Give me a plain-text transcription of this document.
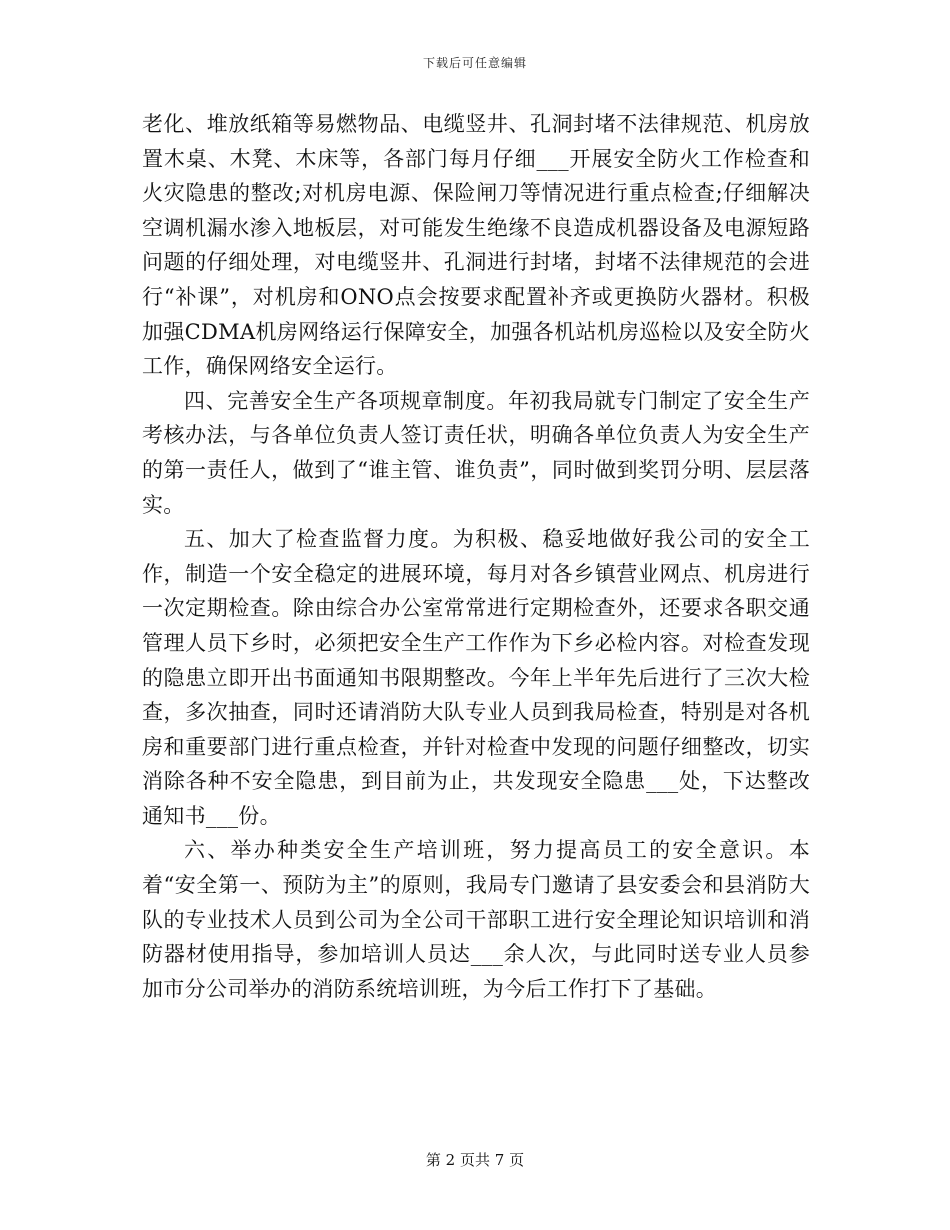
下载后可任意编辑

老化、堆放纸箱等易燃物品、电缆竖井、孔洞封堵不法律规范、机房放置木桌、木凳、木床等，各部门每月仔细___开展安全防火工作检查和火灾隐患的整改;对机房电源、保险闸刀等情况进行重点检查;仔细解决空调机漏水渗入地板层，对可能发生绝缘不良造成机器设备及电源短路问题的仔细处理，对电缆竖井、孔洞进行封堵，封堵不法律规范的会进行“补课”，对机房和ONO点会按要求配置补齐或更换防火器材。积极加强CDMA机房网络运行保障安全，加强各机站机房巡检以及安全防火工作，确保网络安全运行。

四、完善安全生产各项规章制度。年初我局就专门制定了安全生产考核办法，与各单位负责人签订责任状，明确各单位负责人为安全生产的第一责任人，做到了“谁主管、谁负责”，同时做到奖罚分明、层层落实。

五、加大了检查监督力度。为积极、稳妥地做好我公司的安全工作，制造一个安全稳定的进展环境，每月对各乡镇营业网点、机房进行一次定期检查。除由综合办公室常常进行定期检查外，还要求各职交通管理人员下乡时，必须把安全生产工作作为下乡必检内容。对检查发现的隐患立即开出书面通知书限期整改。今年上半年先后进行了三次大检查，多次抽查，同时还请消防大队专业人员到我局检查，特别是对各机房和重要部门进行重点检查，并针对检查中发现的问题仔细整改，切实消除各种不安全隐患，到目前为止，共发现安全隐患___处，下达整改通知书___份。

六、举办种类安全生产培训班，努力提高员工的安全意识。本着“安全第一、预防为主”的原则，我局专门邀请了县安委会和县消防大队的专业技术人员到公司为全公司干部职工进行安全理论知识培训和消防器材使用指导，参加培训人员达___余人次，与此同时送专业人员参加市分公司举办的消防系统培训班，为今后工作打下了基础。

第 2 页共 7 页
